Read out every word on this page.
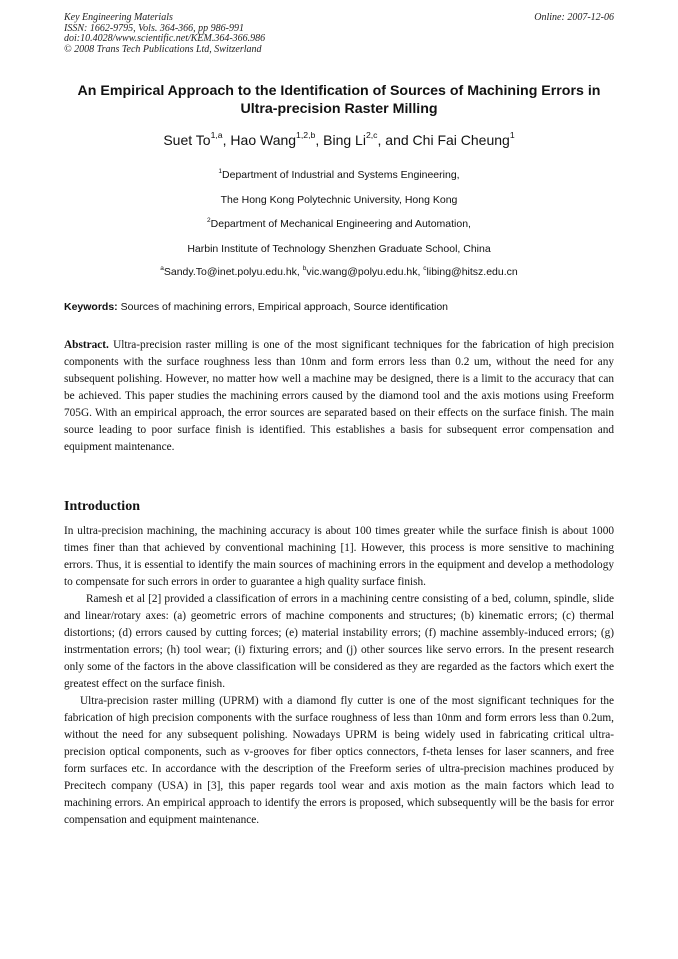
Key Engineering Materials
ISSN: 1662-9795, Vols. 364-366, pp 986-991
doi:10.4028/www.scientific.net/KEM.364-366.986
© 2008 Trans Tech Publications Ltd, Switzerland
Online: 2007-12-06
An Empirical Approach to the Identification of Sources of Machining Errors in Ultra-precision Raster Milling
Suet To$^{1,a}$, Hao Wang$^{1,2,b}$, Bing Li$^{2,c}$, and Chi Fai Cheung$^1$
$^1$Department of Industrial and Systems Engineering,
The Hong Kong Polytechnic University, Hong Kong
$^2$Department of Mechanical Engineering and Automation,
Harbin Institute of Technology Shenzhen Graduate School, China
$^a$Sandy.To@inet.polyu.edu.hk, $^b$vic.wang@polyu.edu.hk, $^c$libing@hitsz.edu.cn
Keywords: Sources of machining errors, Empirical approach, Source identification

Abstract. Ultra-precision raster milling is one of the most significant techniques for the fabrication of high precision components with the surface roughness less than 10nm and form errors less than 0.2 um, without the need for any subsequent polishing. However, no matter how well a machine may be designed, there is a limit to the accuracy that can be achieved. This paper studies the machining errors caused by the diamond tool and the axis motions using Freeform 705G. With an empirical approach, the error sources are separated based on their effects on the surface finish. The main source leading to poor surface finish is identified. This establishes a basis for subsequent error compensation and equipment maintenance.

Introduction

In ultra-precision machining, the machining accuracy is about 100 times greater while the surface finish is about 1000 times finer than that achieved by conventional machining [1]. However, this process is more sensitive to machining errors. Thus, it is essential to identify the main sources of machining errors in the equipment and develop a methodology to compensate for such errors in order to guarantee a high quality surface finish.

Ramesh et al [2] provided a classification of errors in a machining centre consisting of a bed, column, spindle, slide and linear/rotary axes: (a) geometric errors of machine components and structures; (b) kinematic errors; (c) thermal distortions; (d) errors caused by cutting forces; (e) material instability errors; (f) machine assembly-induced errors; (g) instrmentation errors; (h) tool wear; (i) fixturing errors; and (j) other sources like servo errors. In the present research only some of the factors in the above classification will be considered as they are regarded as the factors which exert the greatest effect on the surface finish.

Ultra-precision raster milling (UPRM) with a diamond fly cutter is one of the most significant techniques for the fabrication of high precision components with the surface roughness of less than 10nm and form errors less than 0.2um, without the need for any subsequent polishing. Nowadays UPRM is being widely used in fabricating critical ultra-precision optical components, such as v-grooves for fiber optics connectors, f-theta lenses for laser scanners, and free form surfaces etc. In accordance with the description of the Freeform series of ultra-precision machines produced by Precitech company (USA) in [3], this paper regards tool wear and axis motion as the main factors which lead to machining errors. An empirical approach to identify the errors is proposed, which subsequently will be the basis for error compensation and equipment maintenance.
